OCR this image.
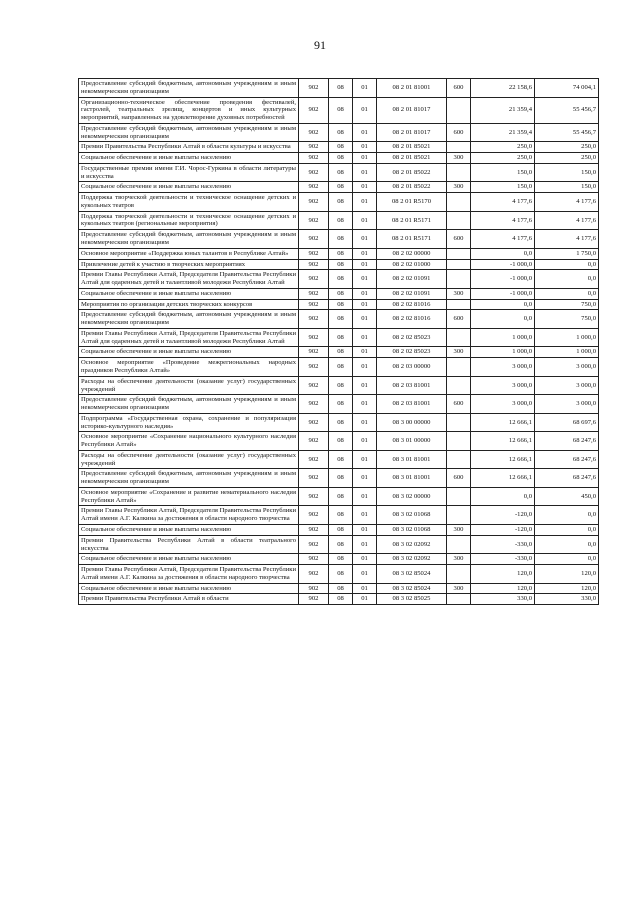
91
Предоставление субсидий бюджетным, автономным учреждениям и иным некоммерческим организациям	902	08	01	08 2 01 81001	600	22 158,6	74 004,1
Организационно-техническое обеспечение проведения фестивалей, гастролей, театральных зрелищ, концертов и иных культурных мероприятий, направленных на удовлетворение духовных потребностей	902	08	01	08 2 01 81017		21 359,4	55 456,7
Предоставление субсидий бюджетным, автономным учреждениям и иным некоммерческим организациям	902	08	01	08 2 01 81017	600	21 359,4	55 456,7
Премии Правительства Республики Алтай в области культуры и искусства	902	08	01	08 2 01 85021		250,0	250,0
Социальное обеспечение и иные выплаты населению	902	08	01	08 2 01 85021	300	250,0	250,0
Государственные премии имени Г.И. Чорос-Гуркина в области литературы и искусства	902	08	01	08 2 01 85022		150,0	150,0
Социальное обеспечение и иные выплаты населению	902	08	01	08 2 01 85022	300	150,0	150,0
Поддержка творческой деятельности и техническое оснащение детских и кукольных театров	902	08	01	08 2 01 R5170		4 177,6	4 177,6
Поддержка творческой деятельности и техническое оснащение детских и кукольных театров (региональные мероприятия)	902	08	01	08 2 01 R5171		4 177,6	4 177,6
Предоставление субсидий бюджетным, автономным учреждениям и иным некоммерческим организациям	902	08	01	08 2 01 R5171	600	4 177,6	4 177,6
Основное мероприятие «Поддержка юных талантов в Республике Алтай»	902	08	01	08 2 02 00000		0,0	1 750,0
Привлечение детей к участию в творческих мероприятиях	902	08	01	08 2 02 01000		-1 000,0	0,0
Премии Главы Республики Алтай, Председателя Правительства Республики Алтай для одаренных детей и талантливой молодежи Республики Алтай	902	08	01	08 2 02 01091		-1 000,0	0,0
Социальное обеспечение и иные выплаты населению	902	08	01	08 2 02 01091	300	-1 000,0	0,0
Мероприятия по организации детских творческих конкурсов	902	08	01	08 2 02 81016		0,0	750,0
Предоставление субсидий бюджетным, автономным учреждениям и иным некоммерческим организациям	902	08	01	08 2 02 81016	600	0,0	750,0
Премии Главы Республики Алтай, Председателя Правительства Республики Алтай для одаренных детей и талантливой молодежи Республики Алтай	902	08	01	08 2 02 85023		1 000,0	1 000,0
Социальное обеспечение и иные выплаты населению	902	08	01	08 2 02 85023	300	1 000,0	1 000,0
Основное мероприятие «Проведение межрегиональных народных праздников Республики Алтай»	902	08	01	08 2 03 00000		3 000,0	3 000,0
Расходы на обеспечение деятельности (оказание услуг) государственных учреждений	902	08	01	08 2 03 81001		3 000,0	3 000,0
Предоставление субсидий бюджетным, автономным учреждениям и иным некоммерческим организациям	902	08	01	08 2 03 81001	600	3 000,0	3 000,0
Подпрограмма «Государственная охрана, сохранение и популяризация историко-культурного наследия»	902	08	01	08 3 00 00000		12 666,1	68 697,6
Основное мероприятие «Сохранение национального культурного наследия Республики Алтай»	902	08	01	08 3 01 00000		12 666,1	68 247,6
Расходы на обеспечение деятельности (оказание услуг) государственных учреждений	902	08	01	08 3 01 81001		12 666,1	68 247,6
Предоставление субсидий бюджетным, автономным учреждениям и иным некоммерческим организациям	902	08	01	08 3 01 81001	600	12 666,1	68 247,6
Основное мероприятие «Сохранение и развитие нематериального наследия Республики Алтай»	902	08	01	08 3 02 00000		0,0	450,0
Премии Главы Республики Алтай, Председателя Правительства Республики Алтай имени А.Г. Калкина за достижения в области народного творчества	902	08	01	08 3 02 01068		-120,0	0,0
Социальное обеспечение и иные выплаты населению	902	08	01	08 3 02 01068	300	-120,0	0,0
Премии Правительства Республики Алтай в области театрального искусства	902	08	01	08 3 02 02092		-330,0	0,0
Социальное обеспечение и иные выплаты населению	902	08	01	08 3 02 02092	300	-330,0	0,0
Премии Главы Республики Алтай, Председателя Правительства Республики Алтай имени А.Г. Калкина за достижения в области народного творчества	902	08	01	08 3 02 85024		120,0	120,0
Социальное обеспечение и иные выплаты населению	902	08	01	08 3 02 85024	300	120,0	120,0
Премии Правительства Республики Алтай в области	902	08	01	08 3 02 85025		330,0	330,0
